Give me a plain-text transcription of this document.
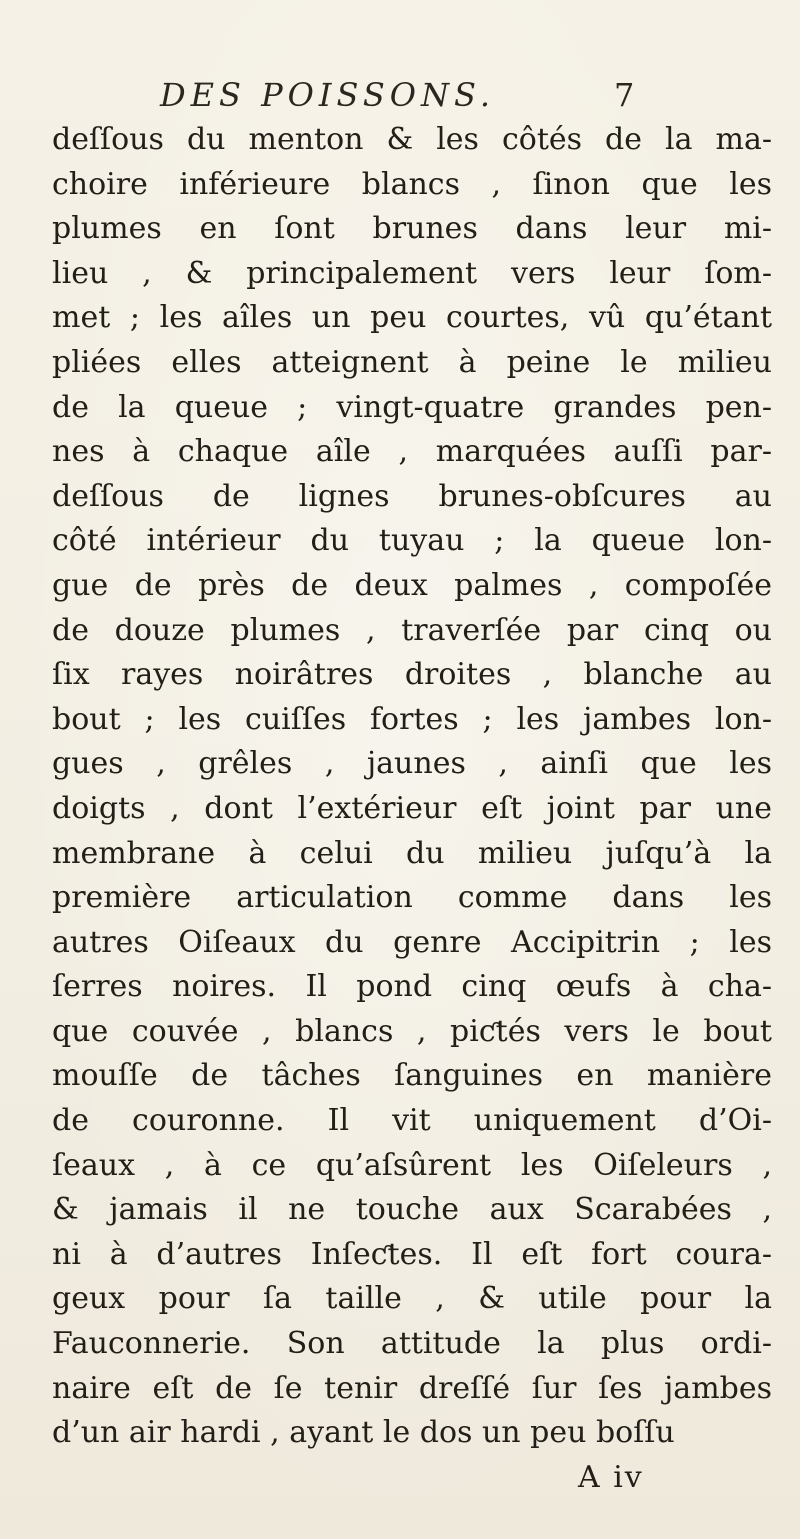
DES POISSONS.	7
deſſous du menton & les côtés de la ma-
choire inférieure blancs , ſinon que les
plumes en ſont brunes dans leur mi-
lieu , & principalement vers leur ſom-
met ; les aîles un peu courtes, vû qu’étant
pliées elles atteignent à peine le milieu
de la queue ; vingt-quatre grandes pen-
nes à chaque aîle , marquées auſſi par-
deſſous de lignes brunes-obſcures au
côté intérieur du tuyau ; la queue lon-
gue de près de deux palmes , compoſée
de douze plumes , traverſée par cinq ou
ſix rayes noirâtres droites , blanche au
bout ; les cuiſſes fortes ; les jambes lon-
gues , grêles , jaunes , ainſi que les
doigts , dont l’extérieur eſt joint par une
membrane à celui du milieu juſqu’à la
première articulation comme dans les
autres Oiſeaux du genre Accipitrin ; les
ſerres noires. Il pond cinq œufs à cha-
que couvée , blancs , piƈtés vers le bout
mouſſe de tâches ſanguines en manière
de couronne. Il vit uniquement d’Oi-
ſeaux , à ce qu’aſsûrent les Oiſeleurs ,
& jamais il ne touche aux Scarabées ,
ni à d’autres Inſeƈtes. Il eſt fort coura-
geux pour ſa taille , & utile pour la
Fauconnerie. Son attitude la plus ordi-
naire eſt de ſe tenir dreſſé ſur ſes jambes
d’un air hardi , ayant le dos un peu boſſu
A iv
